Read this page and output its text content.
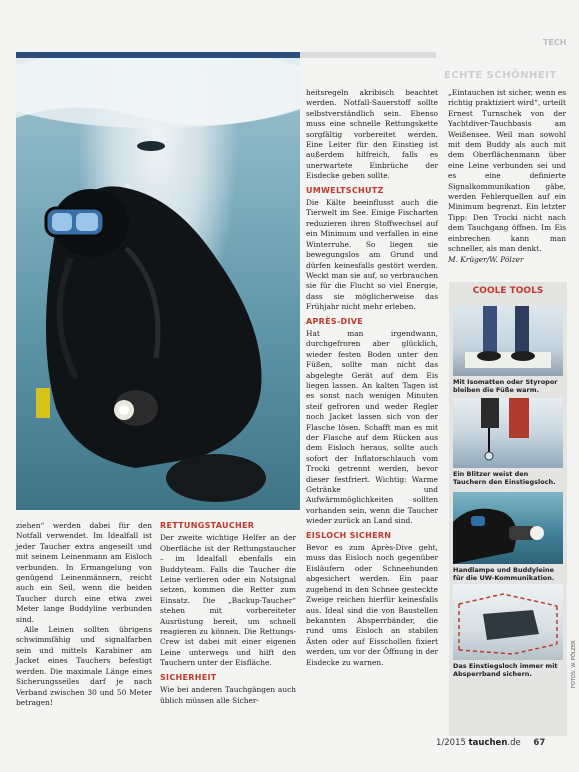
ECHTE SCHÖNHEIT
TECH

ziehen“ werden dabei für den Notfall verwendet. Im Idealfall ist jeder Taucher extra angeseilt und mit seinem Leinenmann am Eisloch verbunden. In Ermangelung von genügend Leinenmännern, reicht auch ein Seil, wenn die beiden Taucher durch eine etwa zwei Meter lange Buddyline verbunden sind.

Alle Leinen sollten übrigens schwimmfähig und signalfarben sein und mittels Karabiner am Jacket eines Tauchers befestigt werden. Die maximale Länge eines Sicherungsseiles darf je nach Verband zwischen 30 und 50 Meter betragen!

RETTUNGSTAUCHER

Der zweite wichtige Helfer an der Oberfläche ist der Rettungstaucher – im Idealfall ebenfalls ein Buddyteam. Falls die Taucher die Leine verlieren oder ein Notsignal setzen, kommen die Retter zum Einsatz. Die „Backup-Taucher“ stehen mit vorbereiteter Ausrüstung bereit, um schnell reagieren zu können. Die Rettungs-Crew ist dabei mit einer eigenen Leine unterwegs und hilft den Tauchern unter der Eisfläche.

SICHERHEIT

Wie bei anderen Tauchgängen auch üblich müssen alle Sicher-

heitsregeln akribisch beachtet werden. Notfall-Sauerstoff sollte selbstverständlich sein. Ebenso muss eine schnelle Rettungskette sorgfältig vorbereitet werden. Eine Leiter für den Einstieg ist außerdem hilfreich, falls es unerwartete Einbrüche der Eisdecke geben sollte.

UMWELTSCHUTZ

Die Kälte beeinflusst auch die Tierwelt im See. Einige Fischarten reduzieren ihren Stoffwechsel auf ein Minimum und verfallen in eine Winterruhe. So liegen sie bewegungslos am Grund und dürfen keinesfalls gestört werden. Weckt man sie auf, so verbrauchen sie für die Flucht so viel Energie, dass sie möglicherweise das Frühjahr nicht mehr erleben.

APRÈS-DIVE

Hat man irgendwann, durchgefroren aber glücklich, wieder festen Boden unter den Füßen, sollte man nicht das abgelegte Gerät auf dem Eis liegen lassen. An kalten Tagen ist es sonst nach wenigen Minuten steif gefroren und weder Regler noch Jacket lassen sich von der Flasche lösen. Schafft man es mit der Flasche auf dem Rücken aus dem Eisloch heraus, sollte auch sofort der Inflatorschlauch vom Trocki getrennt werden, bevor dieser festfriert. Wichtig: Warme Getränke und Aufwärmmöglichkeiten sollten vorhanden sein, wenn die Taucher wieder zurück an Land sind.

EISLOCH SICHERN

Bevor es zum Après-Dive geht, muss das Eisloch noch gegenüber Eisläufern oder Schneehunden abgesichert werden. Ein paar zugehend in den Schnee gesteckte Zweige reichen hierfür keinesfalls aus. Ideal sind die von Baustellen bekannten Absperrbänder, die rund ums Eisloch an stabilen Ästen oder auf Eisschollen fixiert werden, um vor der Öffnung in der Eisdecke zu warnen.

„Eintauchen ist sicher, wenn es richtig praktiziert wird“, urteilt Ernest Turnschek von der Yachtdiver-Tauchbasis am Weißensee. Weil man sowohl mit dem Buddy als auch mit dem Oberflächenmann über eine Leine verbunden sei und es eine definierte Signalkommunikation gäbe, werden Fehlerquellen auf ein Minimum begrenzt. Ein letzter Tipp: Den Trocki nicht nach dem Tauchgang öffnen. Im Eis einbrechen kann man schneller, als man denkt.

M. Krüger/W. Pölzer

COOLE TOOLS
Mit Isomatten oder Styropor bleiben die Füße warm.
Ein Blitzer weist den Tauchern den Einstiegsloch.
Handlampe und Buddyleine für die UW-Kommunikation.
Das Einstiegsloch immer mit Absperrband sichern.	FOTOS: W. PÖLZER
1/2015 tauchen.de 67
